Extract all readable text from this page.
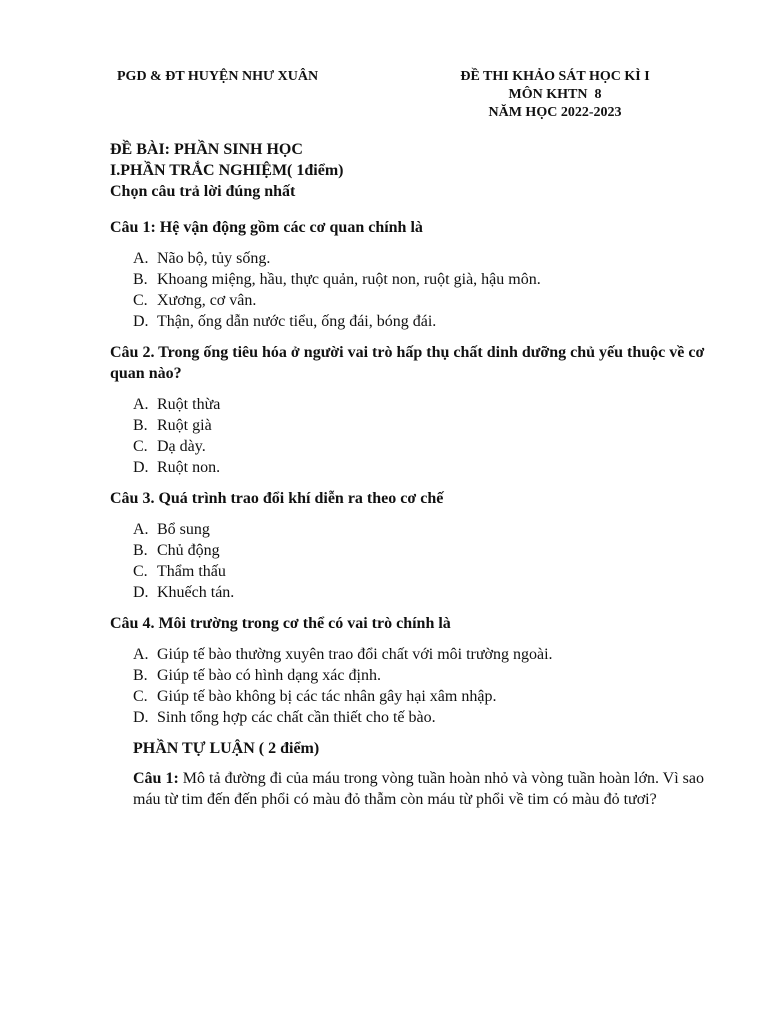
PGD & ĐT HUYỆN NHƯ XUÂN	ĐỀ THI KHẢO SÁT HỌC KÌ I
MÔN KHTN  8
NĂM HỌC 2022-2023
ĐỀ BÀI: PHẦN SINH HỌC
I.PHẦN TRẮC NGHIỆM( 1điểm)
Chọn câu trả lời đúng nhất
Câu 1: Hệ vận động gồm các cơ quan chính là
A. Não bộ, tủy sống.
B. Khoang miệng, hầu, thực quản, ruột non, ruột già, hậu môn.
C. Xương, cơ vân.
D. Thận, ống dẫn nước tiểu, ống đái, bóng đái.
Câu 2. Trong ống tiêu hóa ở người vai trò hấp thụ chất dinh dưỡng chủ yếu thuộc về cơ quan nào?
A. Ruột thừa
B. Ruột già
C. Dạ dày.
D. Ruột non.
Câu 3. Quá trình trao đổi khí diễn ra theo cơ chế
A. Bổ sung
B. Chủ động
C. Thẩm thấu
D. Khuếch tán.
Câu 4. Môi trường trong cơ thể có vai trò chính là
A. Giúp tế bào thường xuyên trao đổi chất với môi trường ngoài.
B. Giúp tế bào có hình dạng xác định.
C. Giúp tế bào không bị các tác nhân gây hại xâm nhập.
D. Sinh tổng hợp các chất cần thiết cho tế bào.
PHẦN TỰ LUẬN ( 2 điểm)
Câu 1: Mô tả đường đi của máu trong vòng tuần hoàn nhỏ và vòng tuần hoàn lớn. Vì sao máu từ tim đến đến phổi có màu đỏ thẫm còn máu từ phổi về tim có màu đỏ tươi?
